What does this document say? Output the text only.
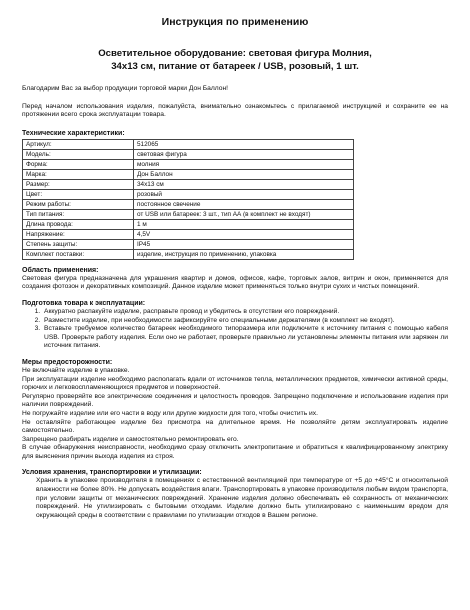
Инструкция по применению
Осветительное оборудование: световая фигура Молния,
34х13 см, питание от батареек / USB, розовый, 1 шт.

Благодарим Вас за выбор продукции торговой марки Дон Баллон!

Перед началом использования изделия, пожалуйста, внимательно ознакомьтесь с прилагаемой инструкцией и сохраните ее на протяжении всего срока эксплуатации товара.

Технические характеристики:

Артикул:	512065
Модель:	световая фигура
Форма:	молния
Марка:	Дон Баллон
Размер:	34х13 см
Цвет:	розовый
Режим работы:	постоянное свечение
Тип питания:	от USB или батареек: 3 шт., тип АА (в комплект не входят)
Длина провода:	1 м
Напряжение:	4,5V
Степень защиты:	IP45
Комплект поставки:	изделие, инструкция по применению, упаковка

Область применения:

Световая фигура предназначена для украшения квартир и домов, офисов, кафе, торговых залов, витрин и окон, применяется для создания фотозон и декоративных композиций. Данное изделие может применяться только внутри сухих и чистых помещений.

Подготовка товара к эксплуатации:

1. Аккуратно распакуйте изделие, расправьте провод и убедитесь в отсутствии его повреждений.
2. Разместите изделие, при необходимости зафиксируйте его специальными держателями (в комплект не входят).
3. Вставьте требуемое количество батареек необходимого типоразмера или подключите к источнику питания с помощью кабеля USB. Проверьте работу изделия. Если оно не работает, проверьте правильно ли установлены элементы питания или заряжен ли источник питания.

Меры предосторожности:

Не включайте изделие в упаковке.

При эксплуатации изделие необходимо располагать вдали от источников тепла, металлических предметов, химически активной среды, горючих и легковоспламеняющихся предметов и поверхностей.

Регулярно проверяйте все электрические соединения и целостность проводов. Запрещено подключение и использование изделия при наличии повреждений.

Не погружайте изделие или его части в воду или другие жидкости для того, чтобы очистить их.

Не оставляйте работающее изделие без присмотра на длительное время. Не позволяйте детям эксплуатировать изделие самостоятельно.

Запрещено разбирать изделие и самостоятельно ремонтировать его.

В случае обнаружения неисправности, необходимо сразу отключить электропитание и обратиться к квалифицированному электрику для выяснения причин выхода изделия из строя.

Условия хранения, транспортировки и утилизации:

Хранить в упаковке производителя в помещениях с естественной вентиляцией при температуре от +5 до +45°С и относительной влажности не более 80%. Не допускать воздействия влаги. Транспортировать в упаковке производителя любым видом транспорта, при условии защиты от механических повреждений. Хранение изделия должно обеспечивать её сохранность от механических повреждений. Не утилизировать с бытовыми отходами. Изделие должно быть утилизировано с наименьшим вредом для окружающей среды в соответствии с правилами по утилизации отходов в Вашем регионе.
